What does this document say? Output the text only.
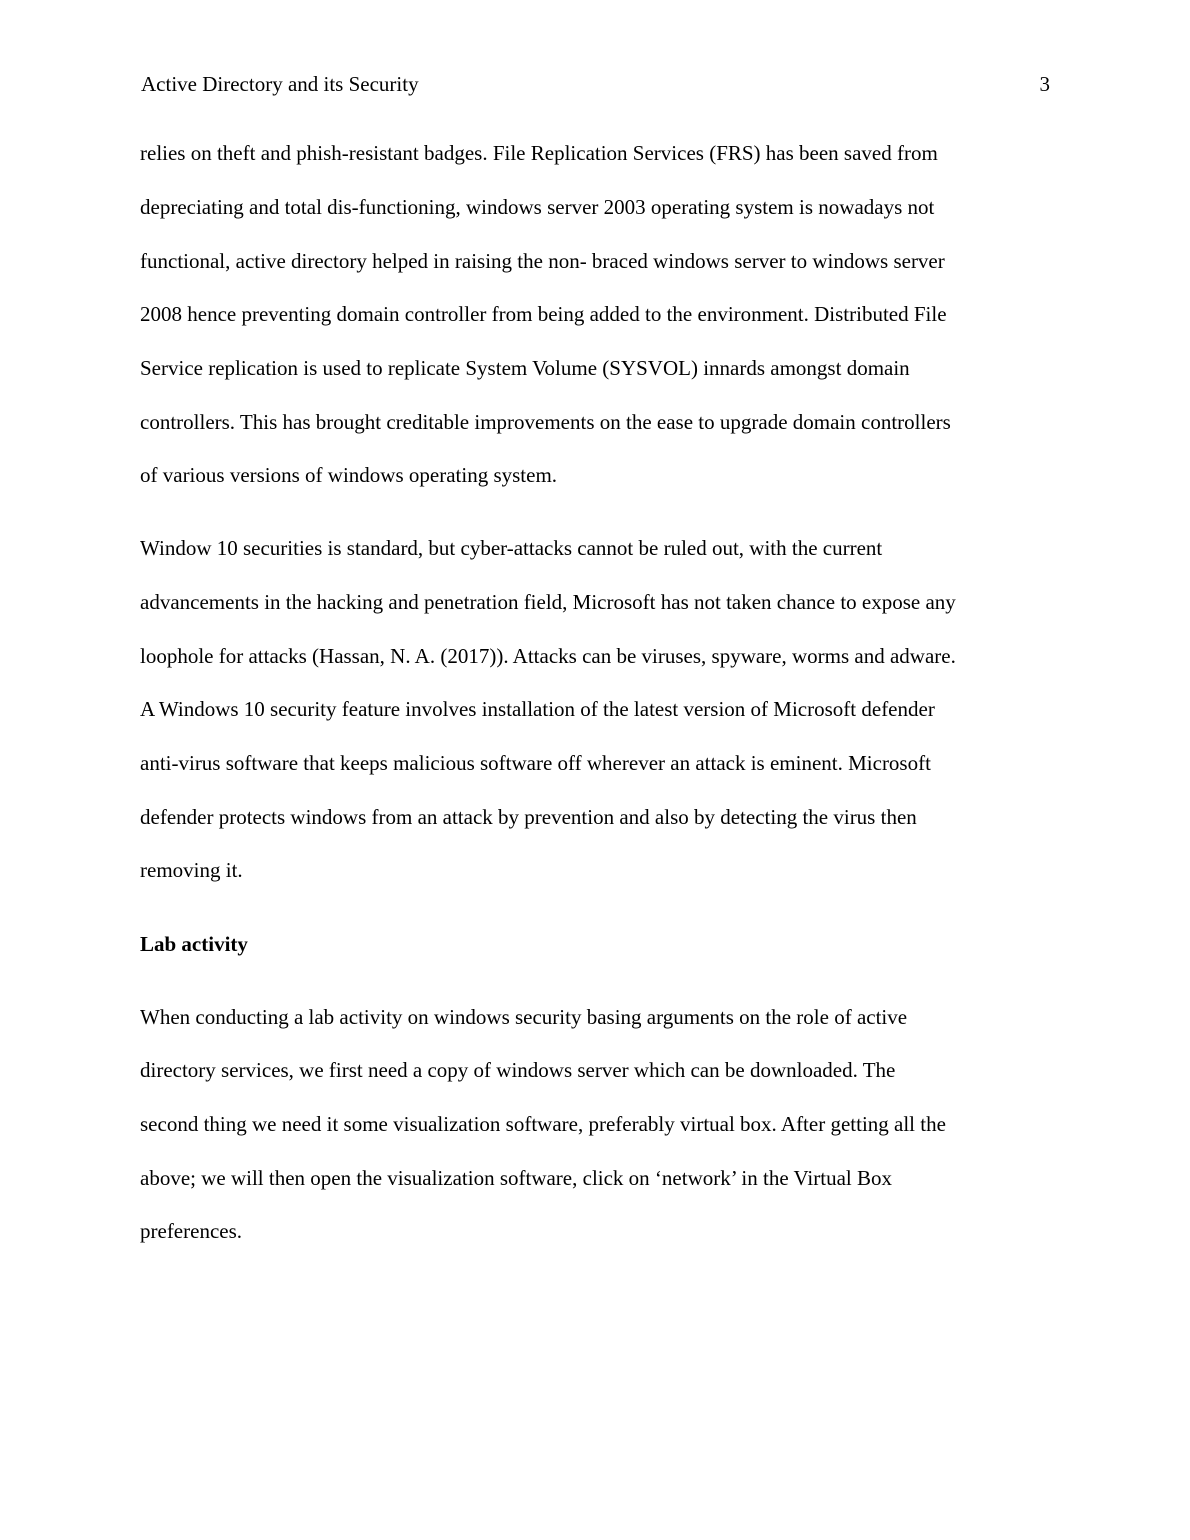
Active Directory and its Security	3
relies on theft and phish-resistant badges. File Replication Services (FRS) has been saved from
depreciating and total dis-functioning, windows server 2003 operating system is nowadays not
functional, active directory helped in raising the non- braced windows server to windows server
2008 hence preventing domain controller from being added to the environment. Distributed File
Service replication is used to replicate System Volume (SYSVOL) innards amongst domain
controllers. This has brought creditable improvements on the ease to upgrade domain controllers
of various versions of windows operating system.
Window 10 securities is standard, but cyber-attacks cannot be ruled out, with the current
advancements in the hacking and penetration field, Microsoft has not taken chance to expose any
loophole for attacks (Hassan, N. A. (2017)). Attacks can be viruses, spyware, worms and adware.
A Windows 10 security feature involves installation of the latest version of Microsoft defender
anti-virus software that keeps malicious software off wherever an attack is eminent. Microsoft
defender protects windows from an attack by prevention and also by detecting the virus then
removing it.
Lab activity
When conducting a lab activity on windows security basing arguments on the role of active
directory services, we first need a copy of windows server which can be downloaded. The
second thing we need it some visualization software, preferably virtual box. After getting all the
above; we will then open the visualization software, click on ‘network’ in the Virtual Box
preferences.
